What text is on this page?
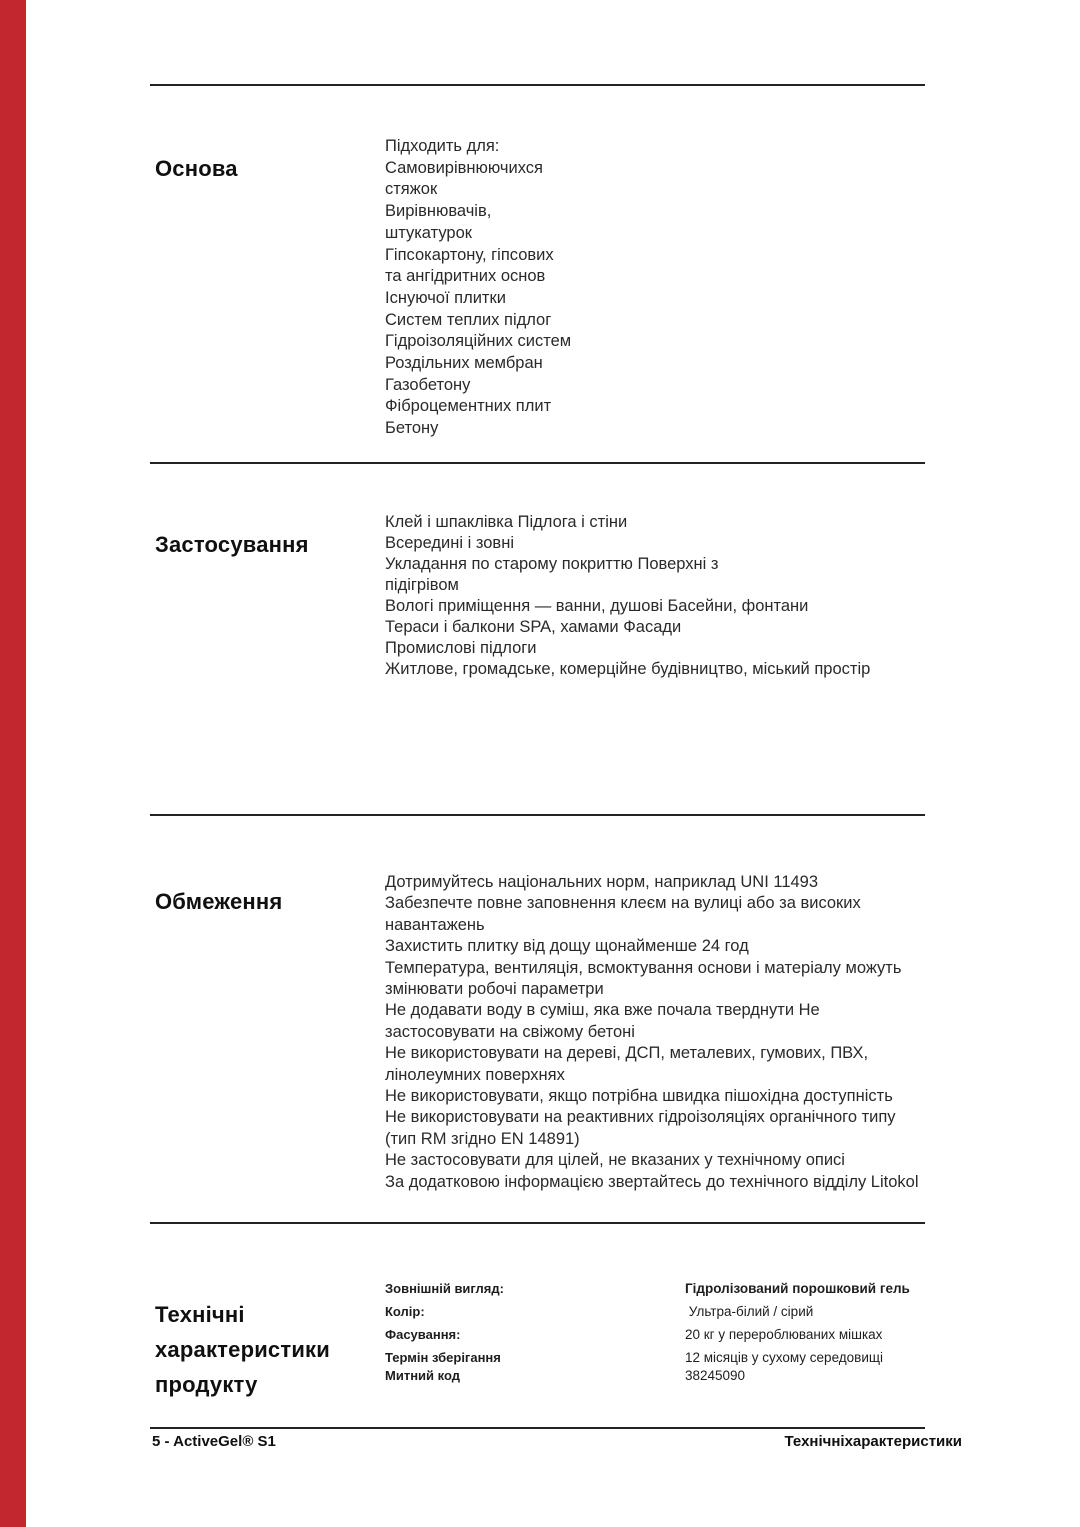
Основа
Підходить для:
Самовирівнюючихся
стяжок
Вирівнювачів,
штукатурок
Гіпсокартону, гіпсових
та ангідритних основ
Існуючої плитки
Систем теплих підлог
Гідроізоляційних систем
Роздільних мембран
Газобетону
Фіброцементних плит
Бетону
Застосування
Клей і шпаклівка Підлога і стіни
Всередині і зовні
Укладання по старому покриттю Поверхні з
підігрівом
Вологі приміщення — ванни, душові Басейни, фонтани
Тераси і балкони SPA, хамами Фасади
Промислові підлоги
Житлове, громадське, комерційне будівництво, міський простір
Обмеження
Дотримуйтесь національних норм, наприклад UNI 11493
Забезпечте повне заповнення клеєм на вулиці або за високих
навантажень
Захистить плитку від дощу щонайменше 24 год
Температура, вентиляція, всмоктування основи і матеріалу можуть
змінювати робочі параметри
Не додавати воду в суміш, яка вже почала тверднути Не
застосовувати на свіжому бетоні
Не використовувати на дереві, ДСП, металевих, гумових, ПВХ,
лінолеумних поверхнях
Не використовувати, якщо потрібна швидка пішохідна доступність
Не використовувати на реактивних гідроізоляціях органічного типу
(тип RM згідно EN 14891)
Не застосовувати для цілей, не вказаних у технічному описі
За додатковою інформацією звертайтесь до технічного відділу Litokol
Технічні
характеристики
продукту
Зовнішній вигляд:	Гідролізований порошковий гель
Колір:	Ультра-білий / сірий
Фасування:	20 кг у перероблюваних мішках
Термін зберігання	12 місяців у сухому середовищі
Митний код	38245090
5 - ActiveGel® S1	Технічніхарактеристики
